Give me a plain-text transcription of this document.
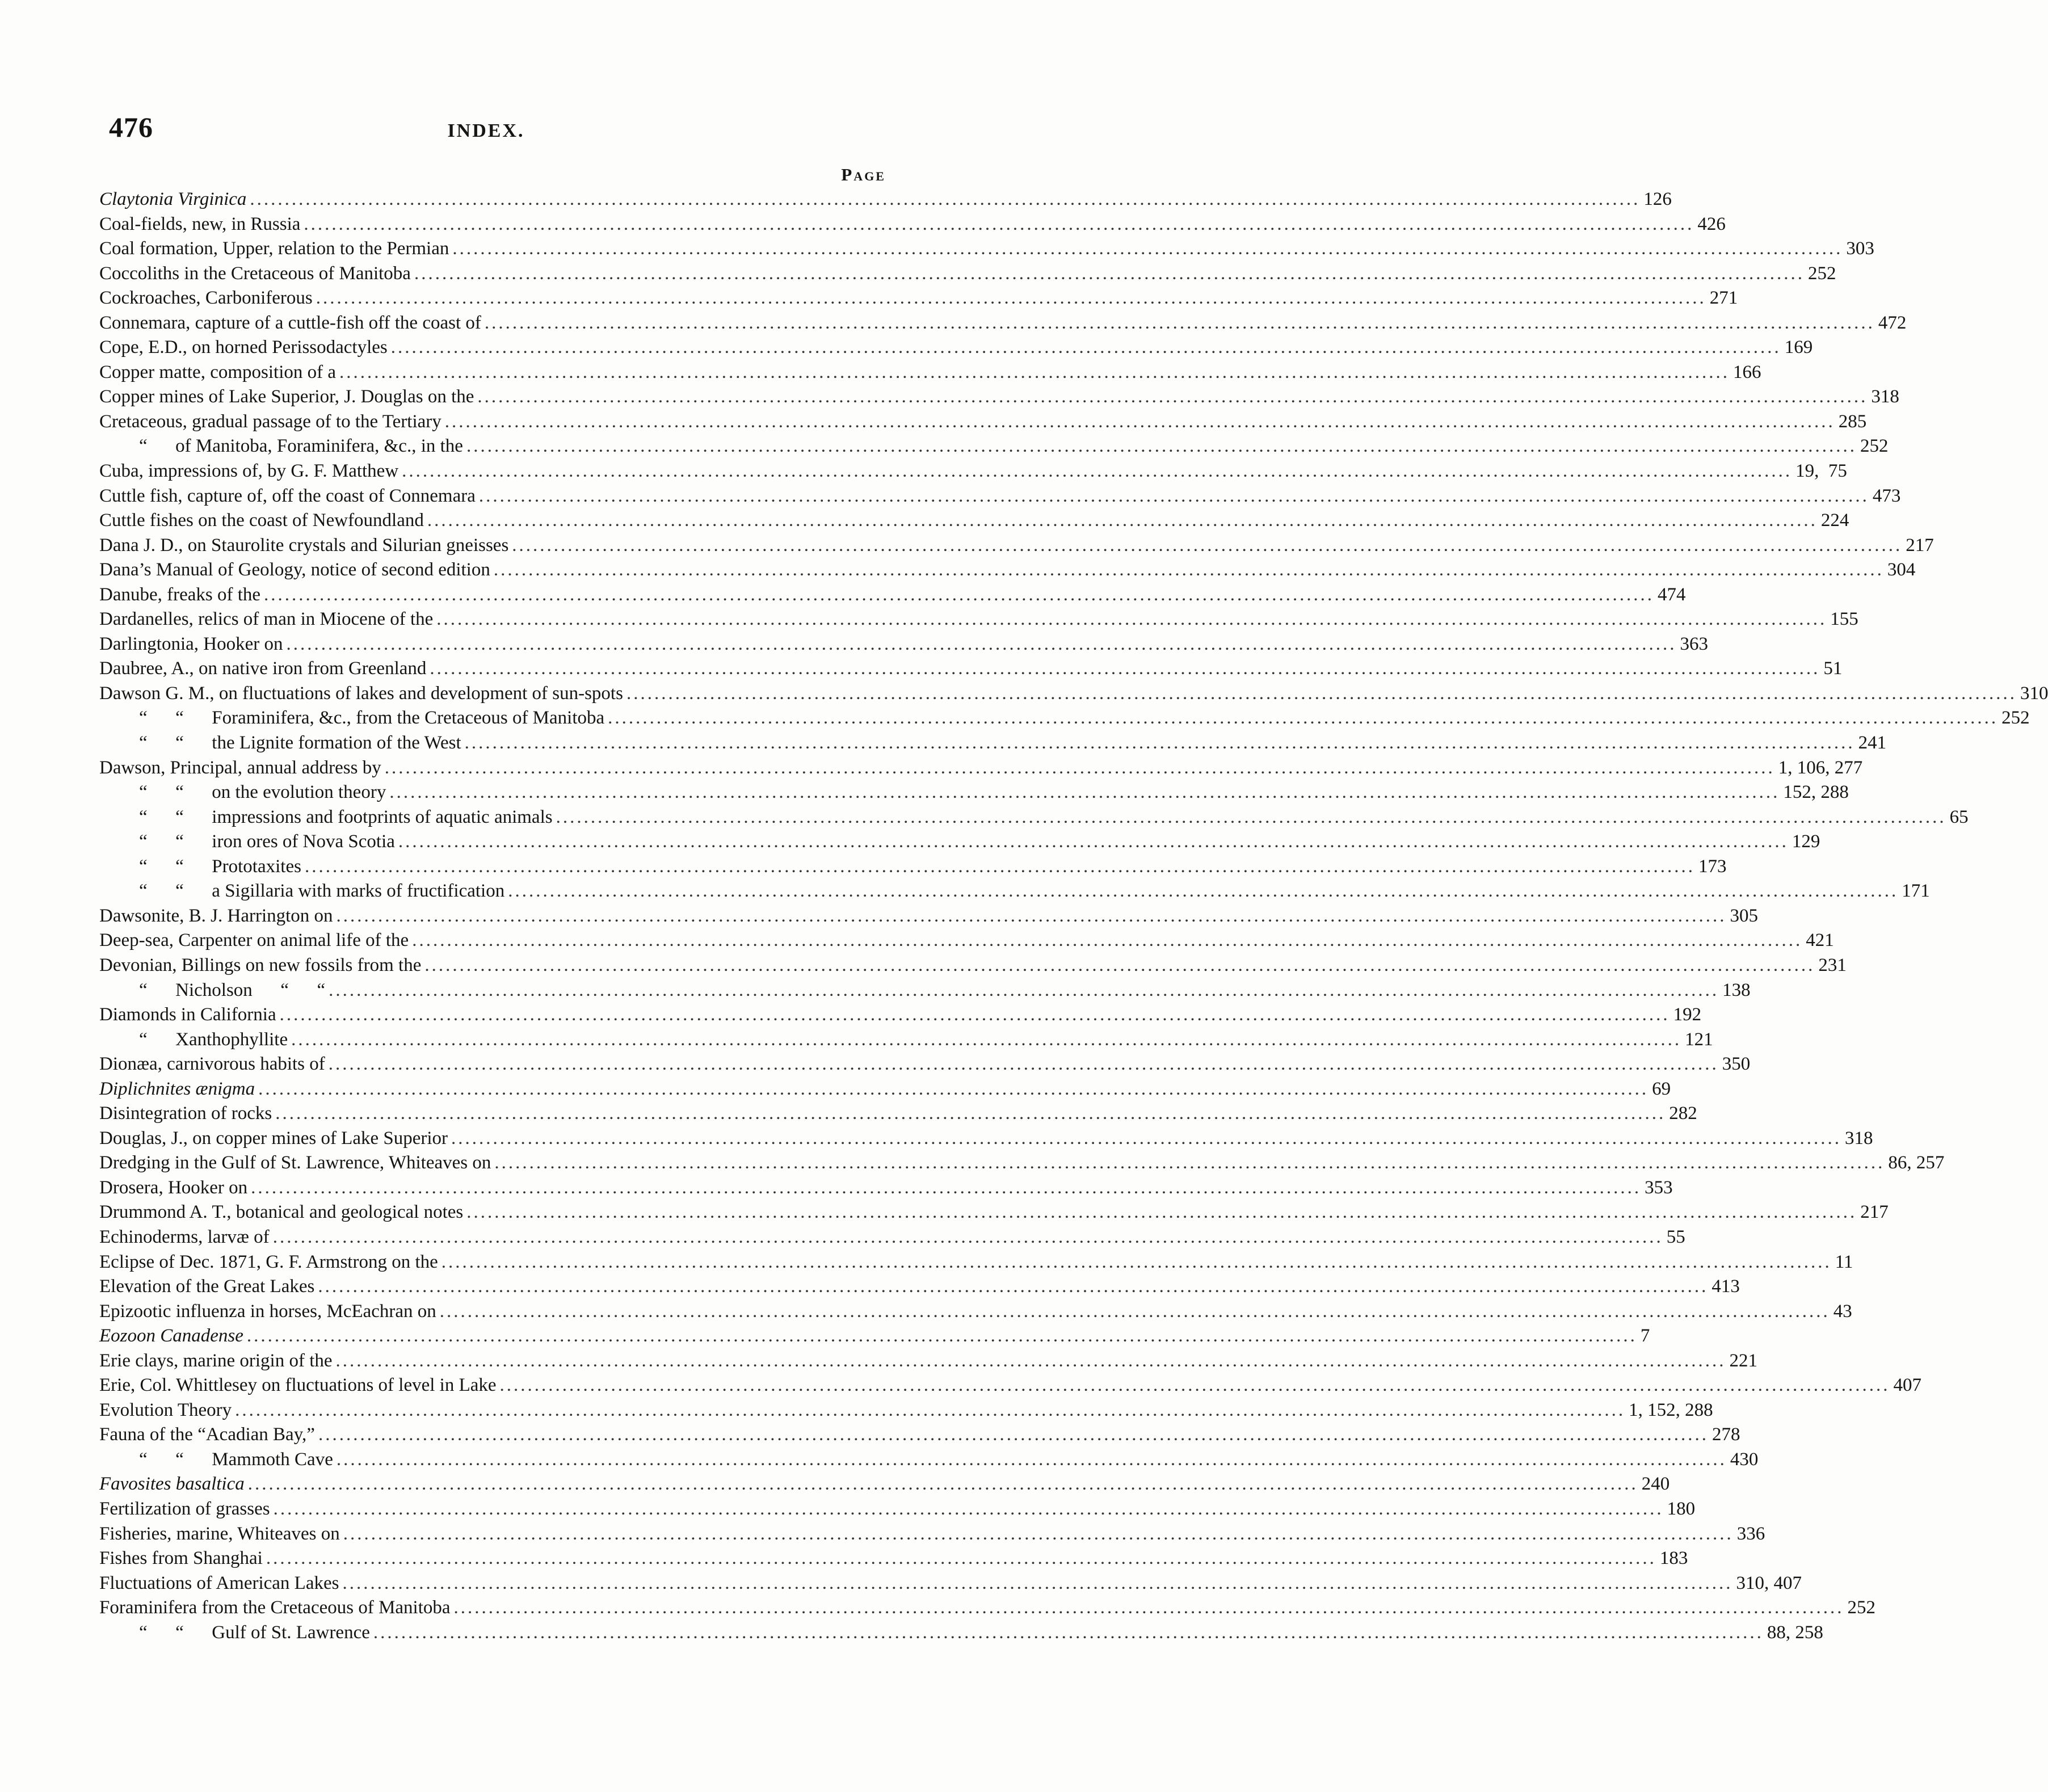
476	INDEX.
Page
Claytonia Virginica ........................................................................................................................................................................................................ 126
Coal-fields, new, in Russia ........................................................................................................................................................................................................ 426
Coal formation, Upper, relation to the Permian ........................................................................................................................................................................................................ 303
Coccoliths in the Cretaceous of Manitoba ........................................................................................................................................................................................................ 252
Cockroaches, Carboniferous ........................................................................................................................................................................................................ 271
Connemara, capture of a cuttle-fish off the coast of ........................................................................................................................................................................................................ 472
Cope, E.D., on horned Perissodactyles ........................................................................................................................................................................................................ 169
Copper matte, composition of a ........................................................................................................................................................................................................ 166
Copper mines of Lake Superior, J. Douglas on the ........................................................................................................................................................................................................ 318
Cretaceous, gradual passage of to the Tertiary ........................................................................................................................................................................................................ 285
“      of Manitoba, Foraminifera, &c., in the ........................................................................................................................................................................................................ 252
Cuba, impressions of, by G. F. Matthew ........................................................................................................................................................................................................ 19,  75
Cuttle fish, capture of, off the coast of Connemara ........................................................................................................................................................................................................ 473
Cuttle fishes on the coast of Newfoundland ........................................................................................................................................................................................................ 224
Dana J. D., on Staurolite crystals and Silurian gneisses ........................................................................................................................................................................................................ 217
Dana’s Manual of Geology, notice of second edition ........................................................................................................................................................................................................ 304
Danube, freaks of the ........................................................................................................................................................................................................ 474
Dardanelles, relics of man in Miocene of the ........................................................................................................................................................................................................ 155
Darlingtonia, Hooker on ........................................................................................................................................................................................................ 363
Daubree, A., on native iron from Greenland ........................................................................................................................................................................................................ 51
Dawson G. M., on fluctuations of lakes and development of sun-spots ........................................................................................................................................................................................................ 310
“      “      Foraminifera, &c., from the Cretaceous of Manitoba ........................................................................................................................................................................................................ 252
“      “      the Lignite formation of the West ........................................................................................................................................................................................................ 241
Dawson, Principal, annual address by ........................................................................................................................................................................................................ 1, 106, 277
“      “      on the evolution theory ........................................................................................................................................................................................................ 152, 288
“      “      impressions and footprints of aquatic animals ........................................................................................................................................................................................................ 65
“      “      iron ores of Nova Scotia ........................................................................................................................................................................................................ 129
“      “      Prototaxites ........................................................................................................................................................................................................ 173
“      “      a Sigillaria with marks of fructification ........................................................................................................................................................................................................ 171
Dawsonite, B. J. Harrington on ........................................................................................................................................................................................................ 305
Deep-sea, Carpenter on animal life of the ........................................................................................................................................................................................................ 421
Devonian, Billings on new fossils from the ........................................................................................................................................................................................................ 231
“      Nicholson      “      “ ........................................................................................................................................................................................................ 138
Diamonds in California ........................................................................................................................................................................................................ 192
“      Xanthophyllite ........................................................................................................................................................................................................ 121
Dionæa, carnivorous habits of ........................................................................................................................................................................................................ 350
Diplichnites ænigma ........................................................................................................................................................................................................ 69
Disintegration of rocks ........................................................................................................................................................................................................ 282
Douglas, J., on copper mines of Lake Superior ........................................................................................................................................................................................................ 318
Dredging in the Gulf of St. Lawrence, Whiteaves on ........................................................................................................................................................................................................ 86, 257
Drosera, Hooker on ........................................................................................................................................................................................................ 353
Drummond A. T., botanical and geological notes ........................................................................................................................................................................................................ 217
Echinoderms, larvæ of ........................................................................................................................................................................................................ 55
Eclipse of Dec. 1871, G. F. Armstrong on the ........................................................................................................................................................................................................ 11
Elevation of the Great Lakes ........................................................................................................................................................................................................ 413
Epizootic influenza in horses, McEachran on ........................................................................................................................................................................................................ 43
Eozoon Canadense ........................................................................................................................................................................................................ 7
Erie clays, marine origin of the ........................................................................................................................................................................................................ 221
Erie, Col. Whittlesey on fluctuations of level in Lake ........................................................................................................................................................................................................ 407
Evolution Theory ........................................................................................................................................................................................................ 1, 152, 288
Fauna of the “Acadian Bay,” ........................................................................................................................................................................................................ 278
“      “      Mammoth Cave ........................................................................................................................................................................................................ 430
Favosites basaltica ........................................................................................................................................................................................................ 240
Fertilization of grasses ........................................................................................................................................................................................................ 180
Fisheries, marine, Whiteaves on ........................................................................................................................................................................................................ 336
Fishes from Shanghai ........................................................................................................................................................................................................ 183
Fluctuations of American Lakes ........................................................................................................................................................................................................ 310, 407
Foraminifera from the Cretaceous of Manitoba ........................................................................................................................................................................................................ 252
“      “      Gulf of St. Lawrence ........................................................................................................................................................................................................ 88, 258
